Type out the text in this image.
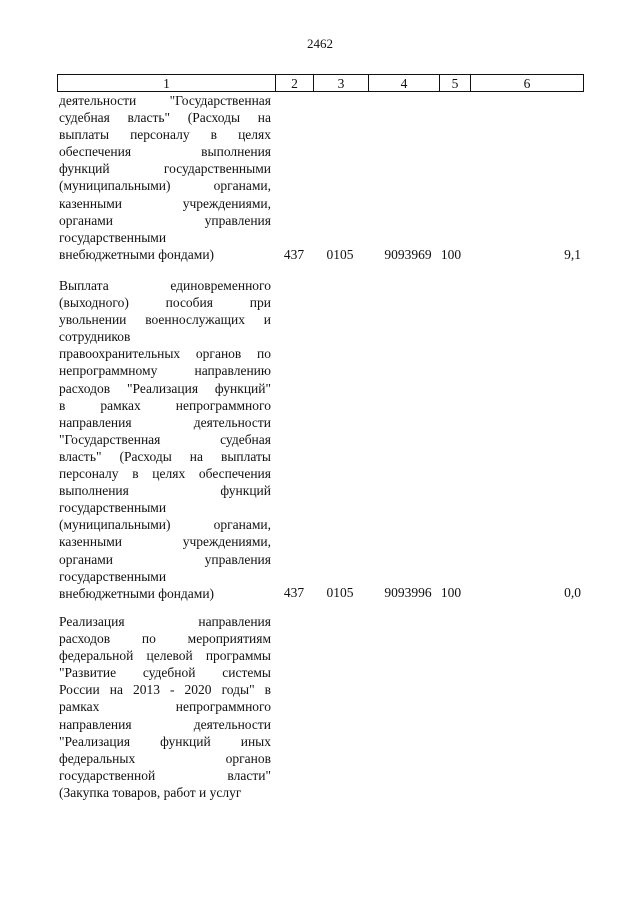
2462
1	2	3	4	5	6
деятельности "Государственная
судебная власть" (Расходы на
выплаты персоналу в целях
обеспечения выполнения
функций государственными
(муниципальными) органами,
казенными учреждениями,
органами управления
государственными
внебюджетными фондами)	437	0105	9093969 100	9,1
Выплата единовременного
(выходного) пособия при
увольнении военнослужащих и
сотрудников
правоохранительных органов по
непрограммному направлению
расходов "Реализация функций"
в рамках непрограммного
направления деятельности
"Государственная судебная
власть" (Расходы на выплаты
персоналу в целях обеспечения
выполнения функций
государственными
(муниципальными) органами,
казенными учреждениями,
органами управления
государственными
внебюджетными фондами)	437	0105	9093996 100	0,0
Реализация направления
расходов по мероприятиям
федеральной целевой программы
"Развитие судебной системы
России на 2013 - 2020 годы" в
рамках непрограммного
направления деятельности
"Реализация функций иных
федеральных органов
государственной власти"
(Закупка товаров, работ и услуг
